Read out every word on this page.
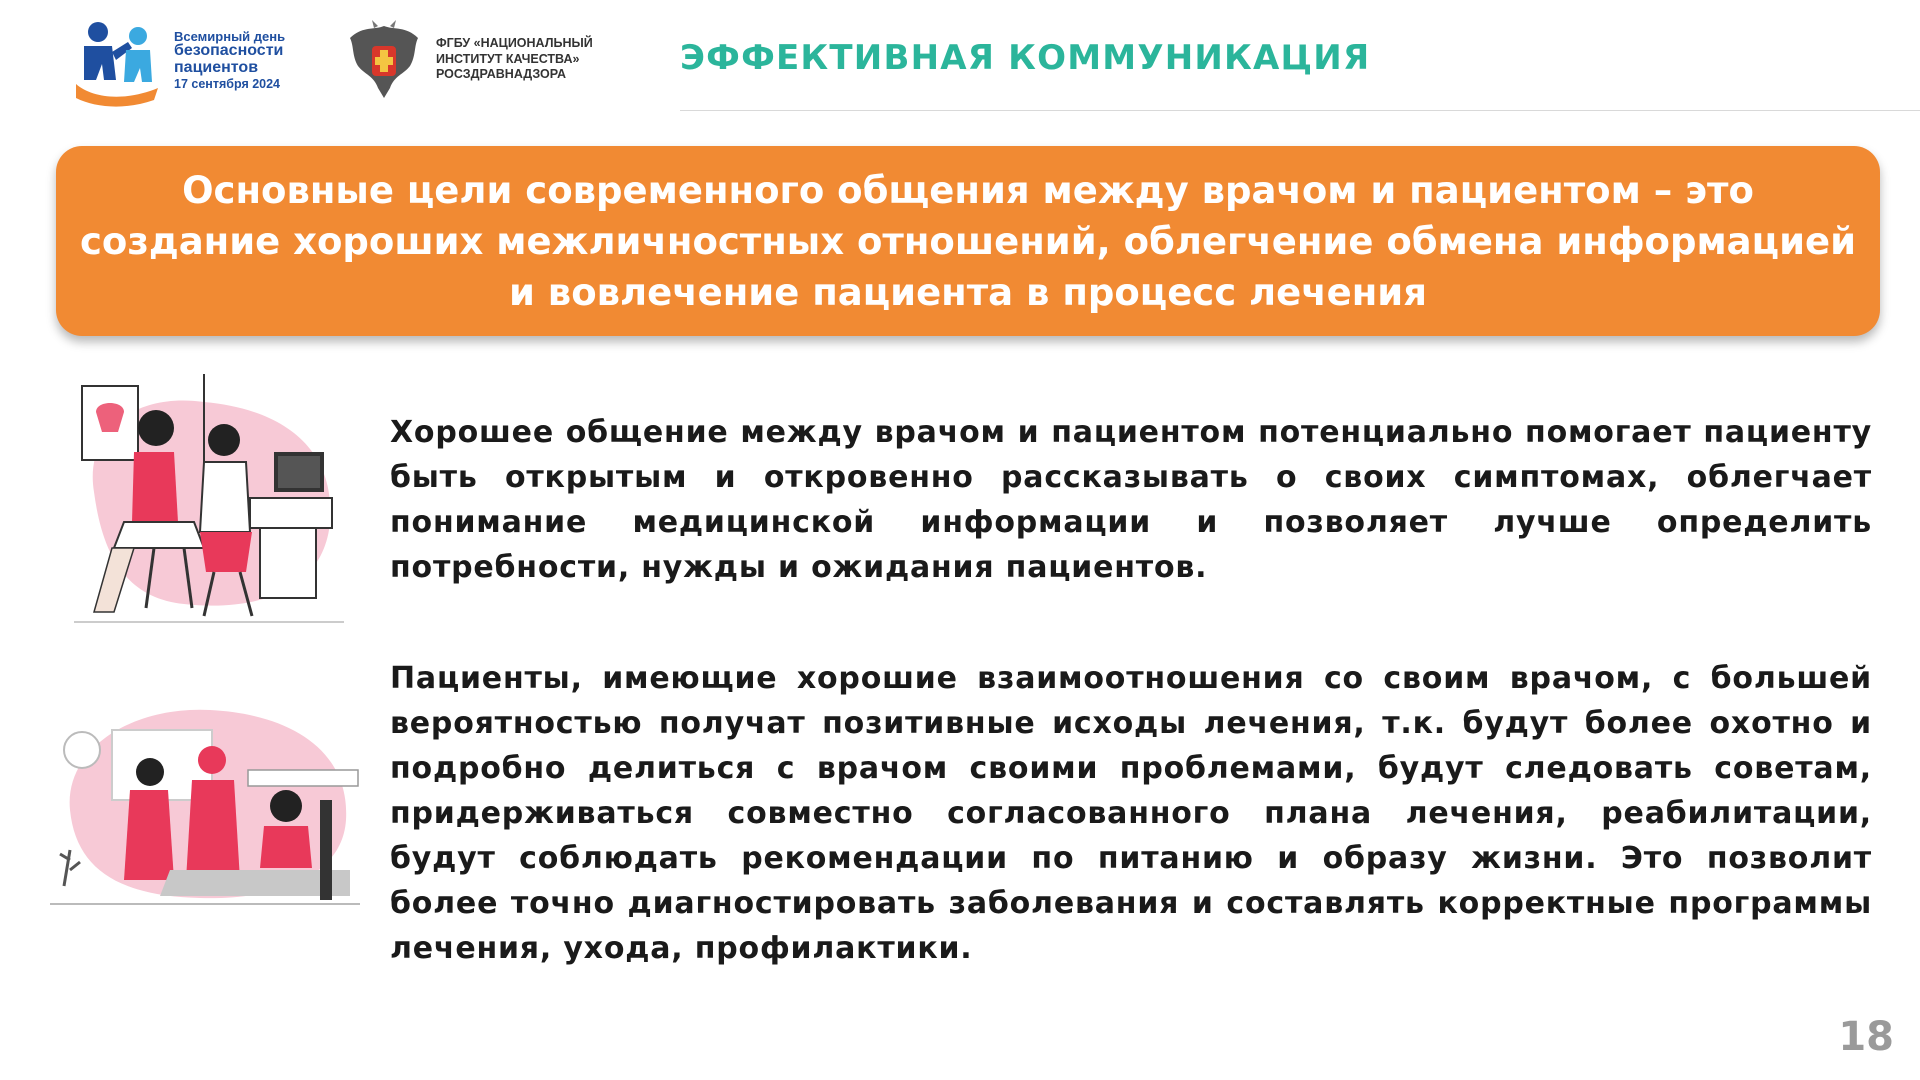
Всемирный день
безопасности
пациентов
17 сентября 2024
ФГБУ «НАЦИОНАЛЬНЫЙ
ИНСТИТУТ КАЧЕСТВА»
РОСЗДРАВНАДЗОРА	ЭФФЕКТИВНАЯ КОММУНИКАЦИЯ
Основные цели современного общения между врачом и пациентом – это создание хороших межличностных отношений, облегчение обмена информацией и вовлечение пациента в процесс лечения

Хорошее общение между врачом и пациентом потенциально помогает пациенту быть открытым и откровенно рассказывать о своих симптомах, облегчает понимание медицинской информации и позволяет лучше определить потребности, нужды и ожидания пациентов.

Пациенты, имеющие хорошие взаимоотношения со своим врачом, с большей вероятностью получат позитивные исходы лечения, т.к. будут более охотно и подробно делиться с врачом своими проблемами, будут следовать советам, придерживаться совместно согласованного плана лечения, реабилитации, будут соблюдать рекомендации по питанию и образу жизни. Это позволит более точно диагностировать заболевания и составлять корректные программы лечения, ухода, профилактики.

18
